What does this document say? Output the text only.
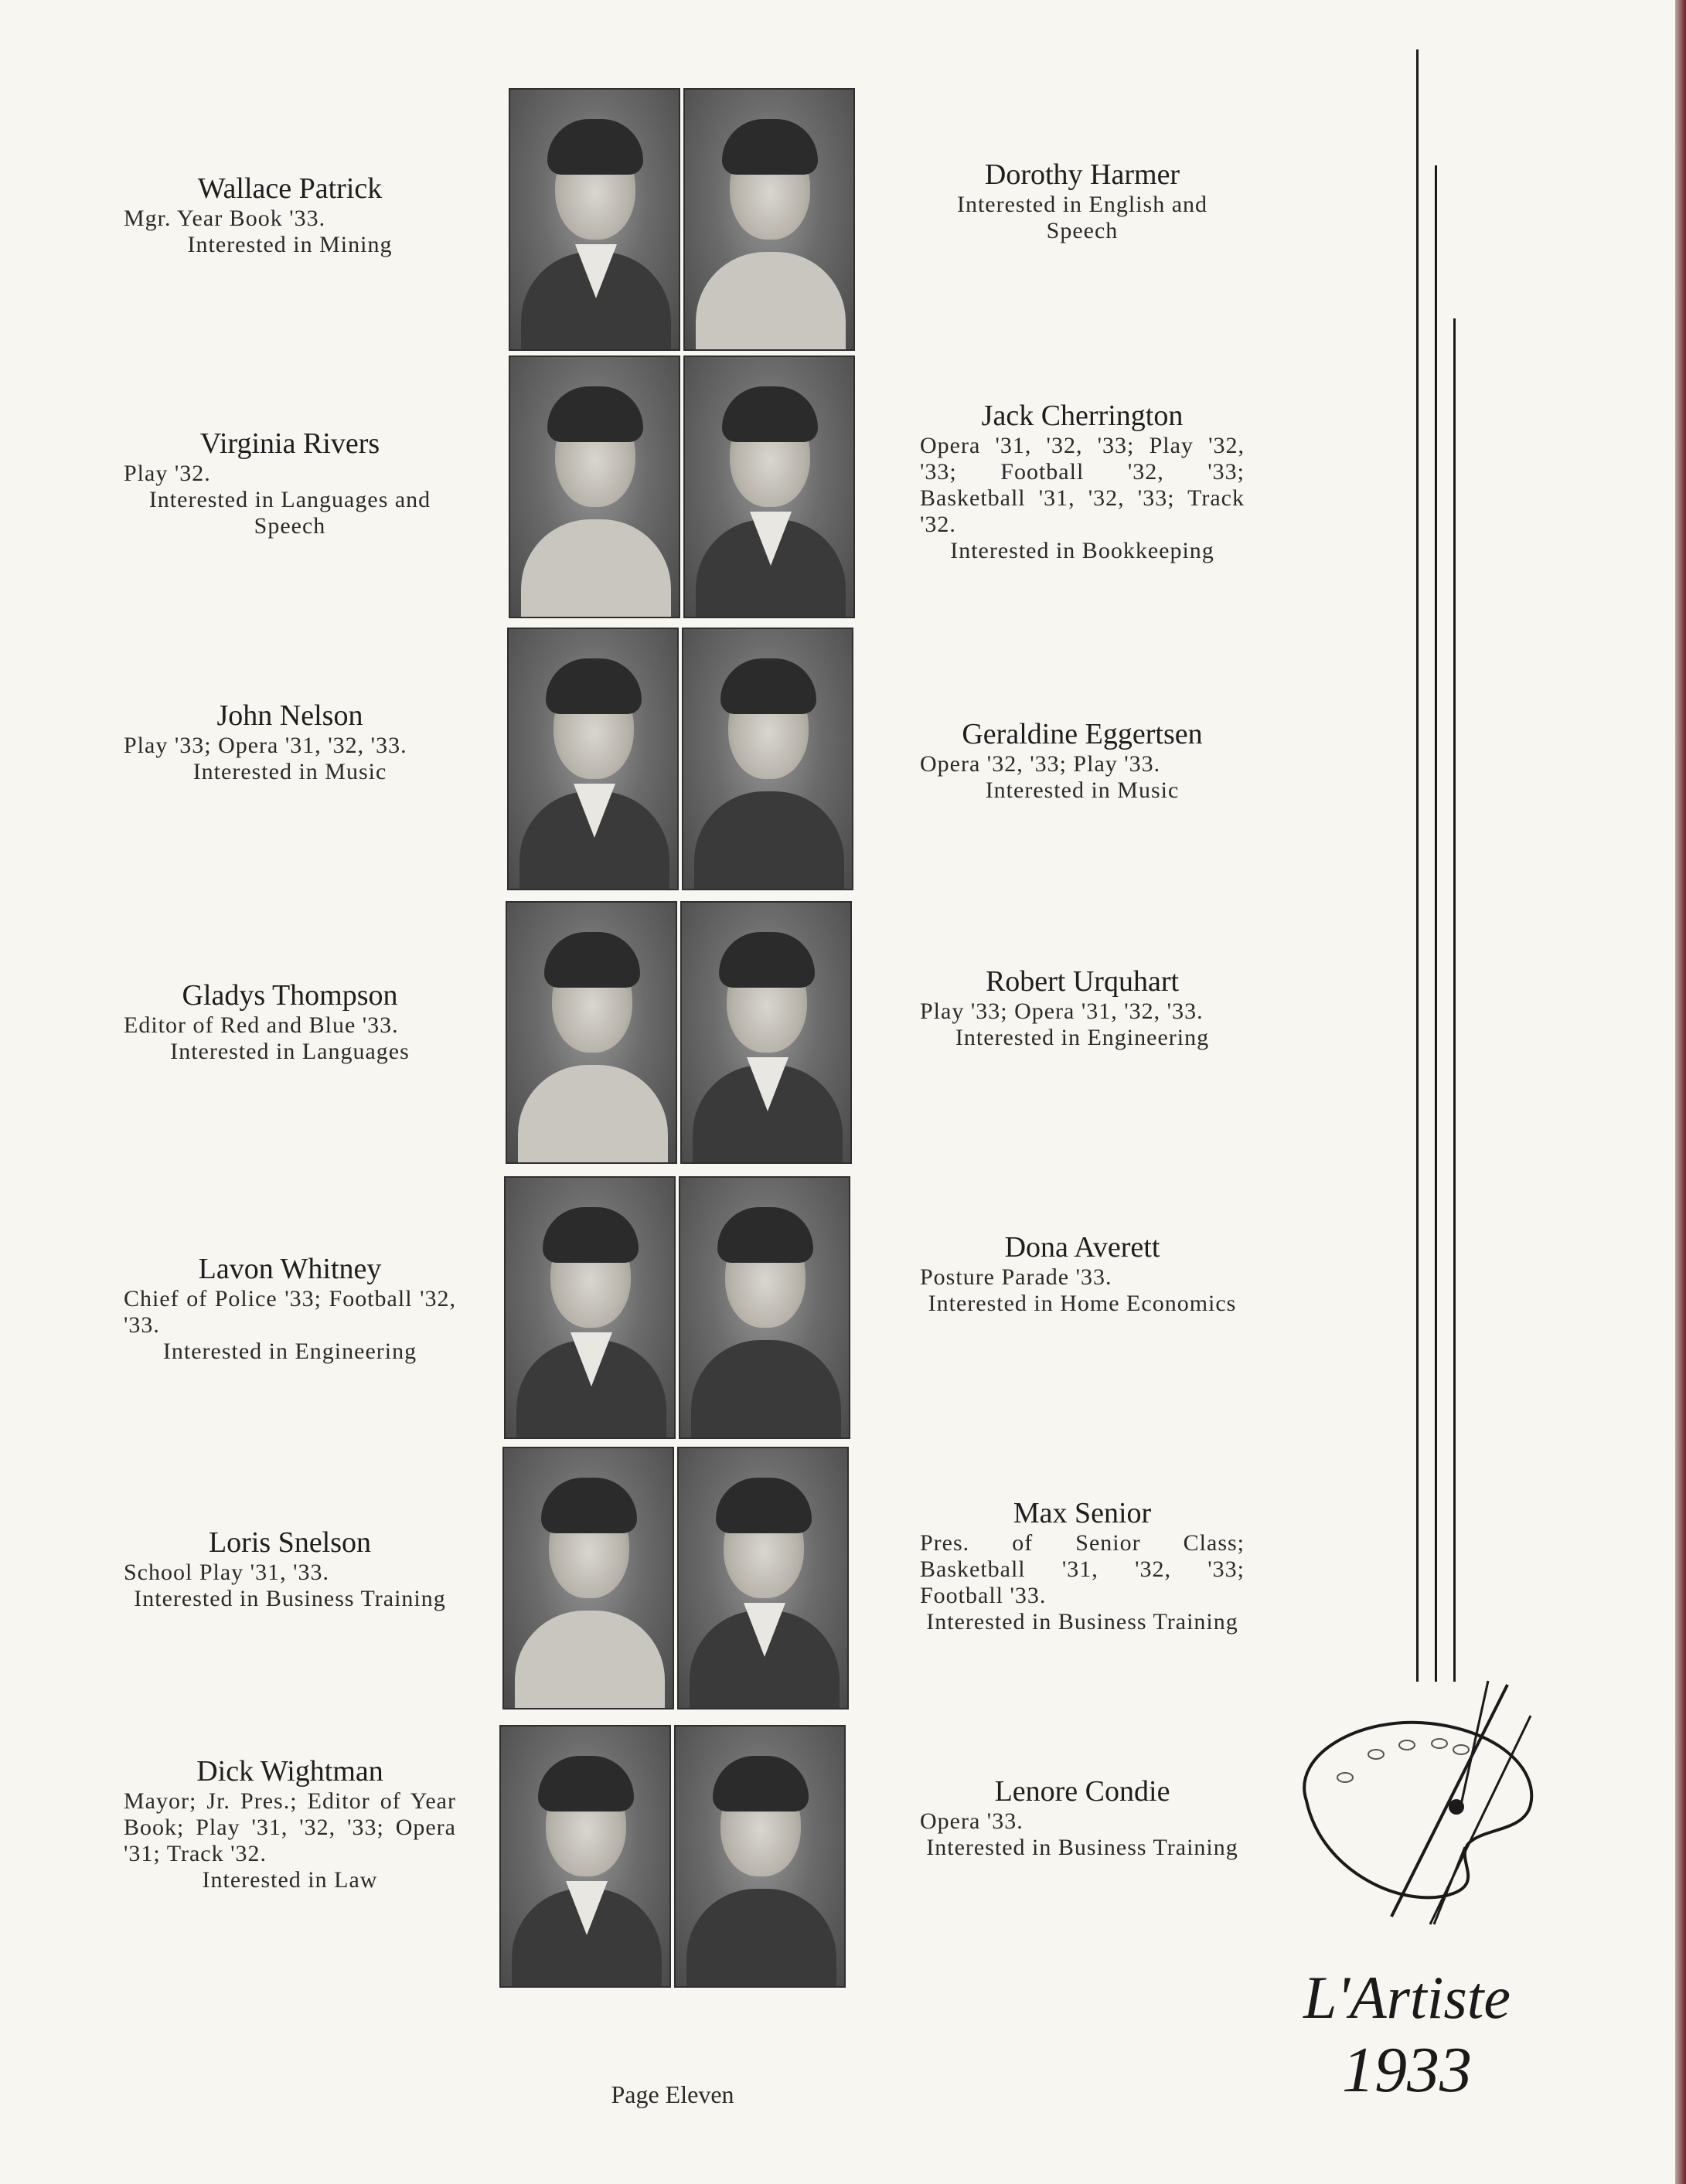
Wallace Patrick
Mgr. Year Book '33.
Interested in Mining
Dorothy Harmer
Interested in English and Speech
Virginia Rivers
Play '32.
Interested in Languages and Speech
Jack Cherrington
Opera '31, '32, '33; Play '32, '33; Football '32, '33; Basketball '31, '32, '33; Track '32.
Interested in Bookkeeping
John Nelson
Play '33; Opera '31, '32, '33.
Interested in Music
Geraldine Eggertsen
Opera '32, '33; Play '33.
Interested in Music
Gladys Thompson
Editor of Red and Blue '33.
Interested in Languages
Robert Urquhart
Play '33; Opera '31, '32, '33.
Interested in Engineering
Lavon Whitney
Chief of Police '33; Football '32, '33.
Interested in Engineering
Dona Averett
Posture Parade '33.
Interested in Home Economics
Loris Snelson
School Play '31, '33.
Interested in Business Training
Max Senior
Pres. of Senior Class; Basketball '31, '32, '33; Football '33.
Interested in Business Training
Dick Wightman
Mayor; Jr. Pres.; Editor of Year Book; Play '31, '32, '33; Opera '31; Track '32.
Interested in Law
Lenore Condie
Opera '33.
Interested in Business Training
L'Artiste
1933
Page Eleven
